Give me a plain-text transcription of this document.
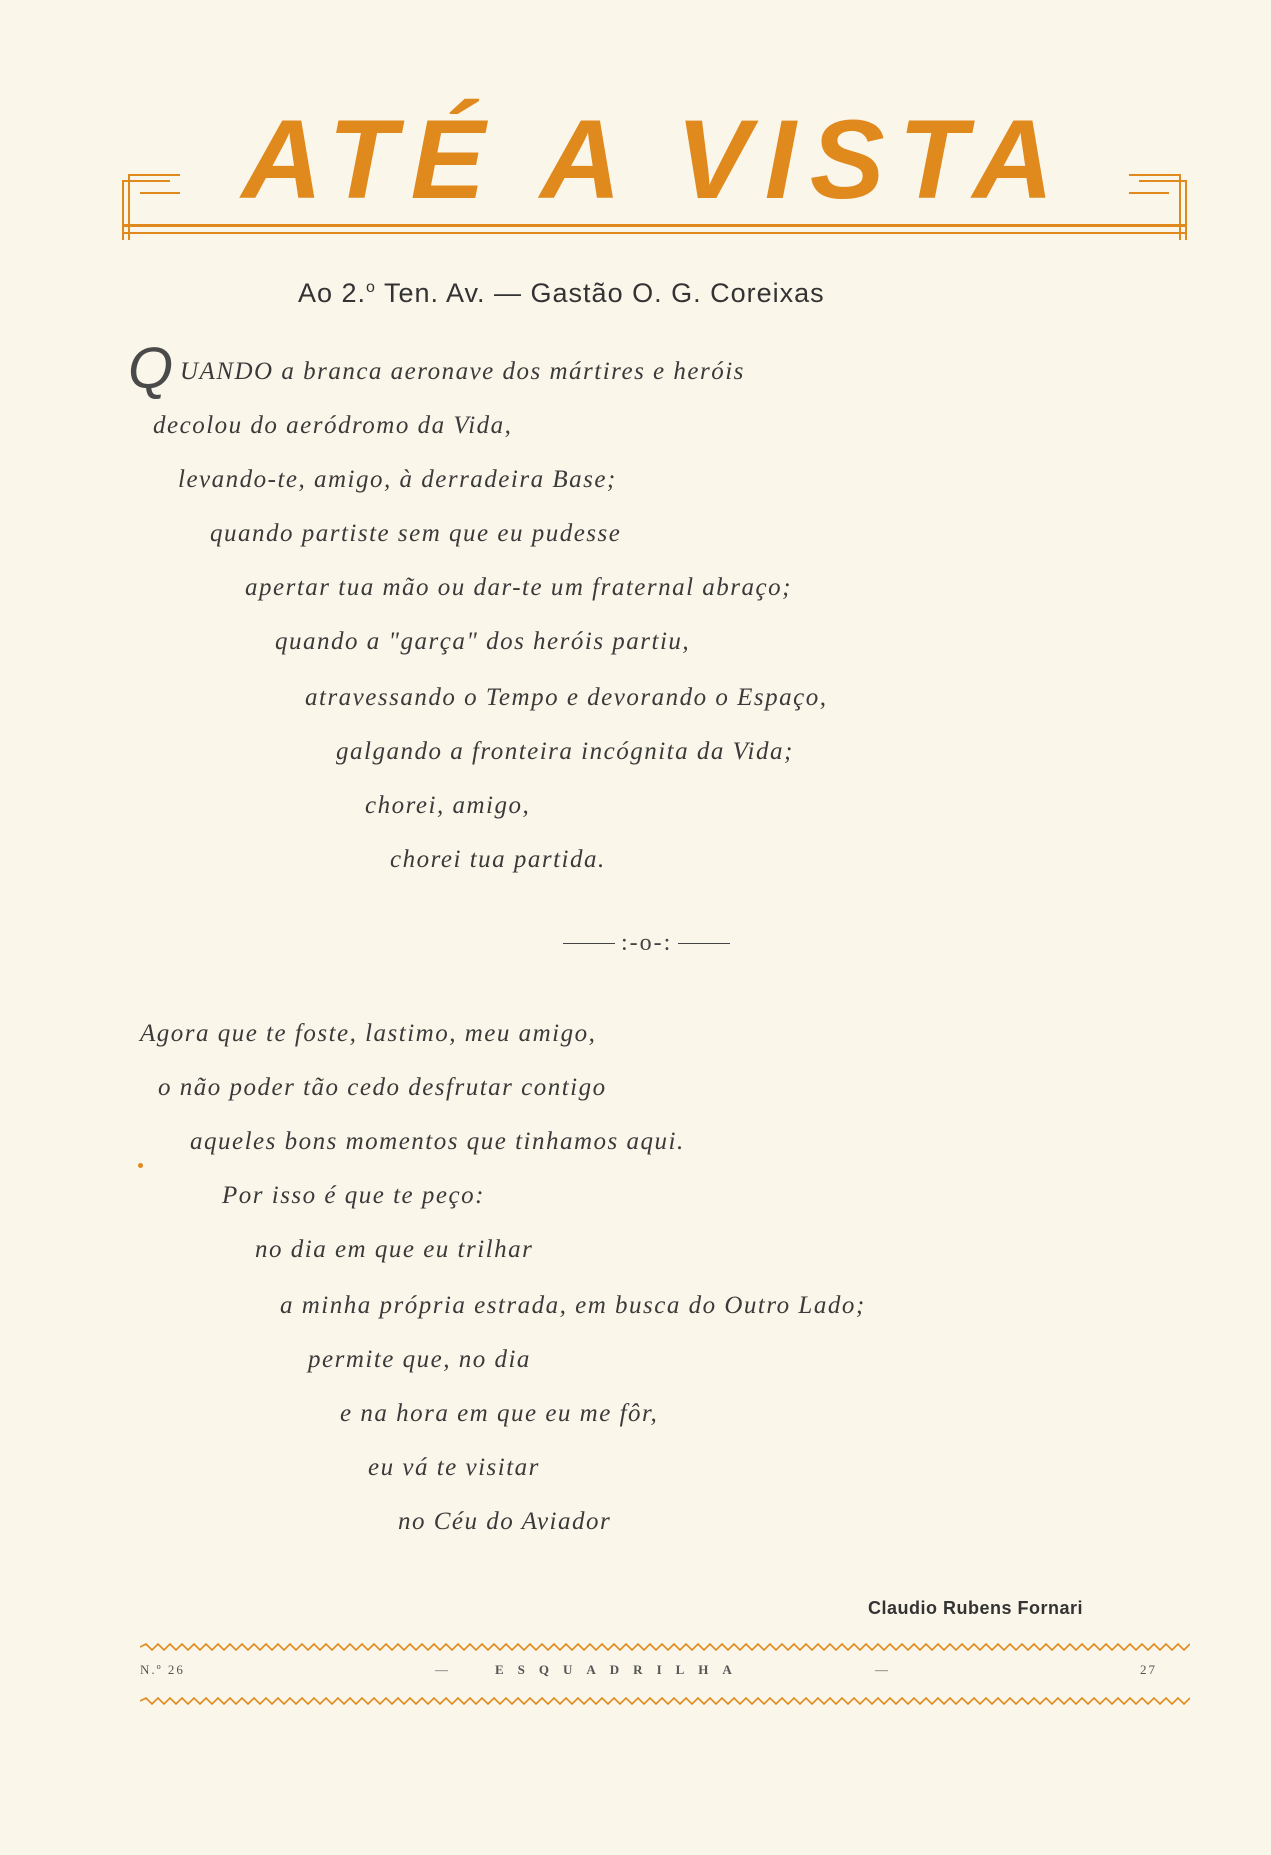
ATÉ A VISTA
Ao 2.$^o$ Ten. Av. — Gastão O. G. Coreixas
Q UANDO a branca aeronave dos mártires e heróis
decolou do aeródromo da Vida,
levando-te, amigo, à derradeira Base;
quando partiste sem que eu pudesse
apertar tua mão ou dar-te um fraternal abraço;
quando a "garça" dos heróis partiu,
atravessando o Tempo e devorando o Espaço,
galgando a fronteira incógnita da Vida;
chorei, amigo,
chorei tua partida.
:-o-:
Agora que te foste, lastimo, meu amigo,
o não poder tão cedo desfrutar contigo
aqueles bons momentos que tinhamos aqui.
Por isso é que te peço:
no dia em que eu trilhar
a minha própria estrada, em busca do Outro Lado;
permite que, no dia
e na hora em que eu me fôr,
eu vá te visitar
no Céu do Aviador
Claudio Rubens Fornari
N.º 26	—	ESQUADRILHA	—	27
